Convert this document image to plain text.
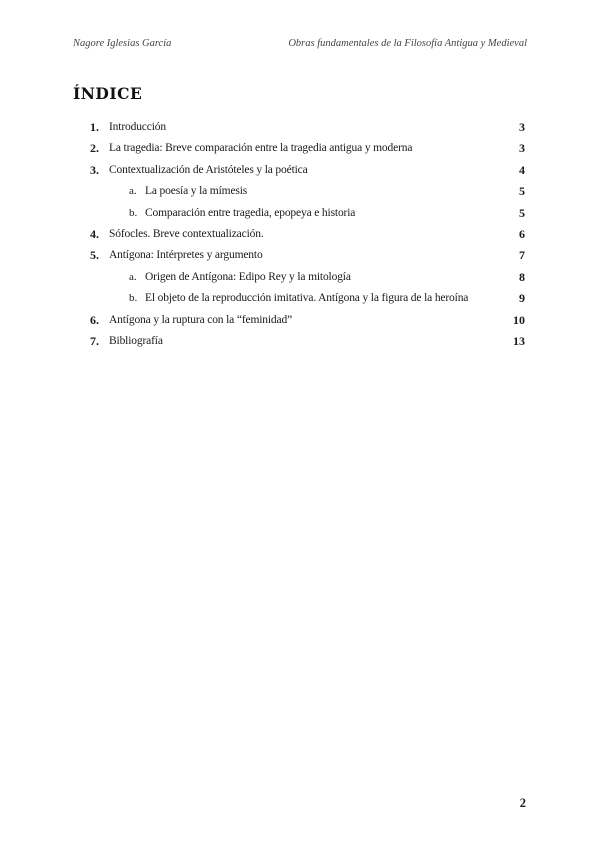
Nagore Iglesias García	Obras fundamentales de la Filosofía Antigua y Medieval
ÍNDICE
1. Introducción	3
2. La tragedia: Breve comparación entre la tragedia antigua y moderna	3
3. Contextualización de Aristóteles y la poética	4
a. La poesía y la mímesis	5
b. Comparación entre tragedia, epopeya e historia	5
4. Sófocles. Breve contextualización.	6
5. Antígona: Intérpretes y argumento	7
a. Origen de Antígona: Edipo Rey y la mitología	8
b. El objeto de la reproducción imitativa. Antígona y la figura de la heroína	9
6. Antígona y la ruptura con la “feminidad”	10
7. Bibliografía	13
2
